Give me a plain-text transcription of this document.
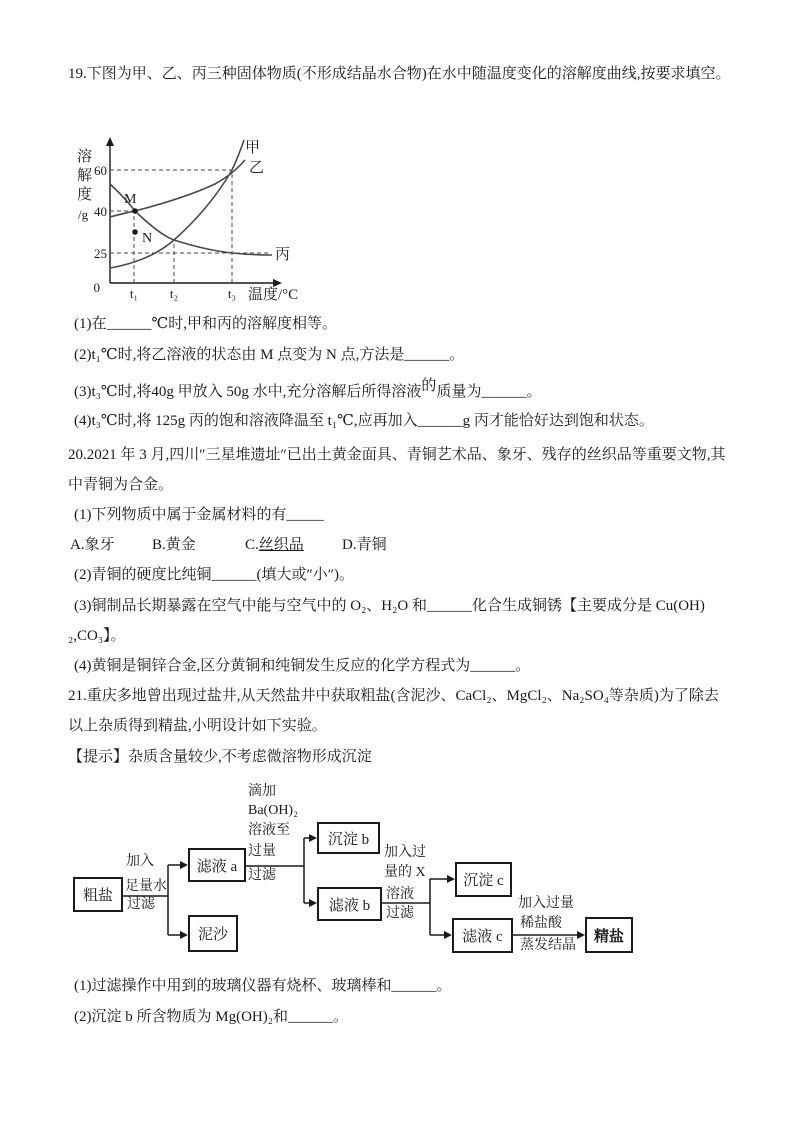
19.下图为甲、乙、丙三种固体物质(不形成结晶水合物)在水中随温度变化的溶解度曲线,按要求填空。
溶
解
度
/g
60
40
25
0 t₁ t₂	t₃ 温度/°C
甲
乙
丙
M
N
(1)在______℃时,甲和丙的溶解度相等。
(2)t₁℃时,将乙溶液的状态由 M 点变为 N 点,方法是______。
(3)t₃℃时,将40g 甲放入 50g 水中,充分溶解后所得溶液的质量为______。
(4)t₃℃时,将 125g 丙的饱和溶液降温至 t₁℃,应再加入______g 丙才能恰好达到饱和状态。
20.2021 年 3 月,四川″三星堆遗址″已出土黄金面具、青铜艺术品、象牙、残存的丝织品等重要文物,其
中青铜为合金。
(1)下列物质中属于金属材料的有_____
A.象牙 B.黄金	C.丝织品	D.青铜
(2)青铜的硬度比纯铜______(填大或″小″)。
(3)铜制品长期暴露在空气中能与空气中的 O₂、H₂O 和______化合生成铜锈【主要成分是 Cu(OH)
₂,CO₃】。
(4)黄铜是铜锌合金,区分黄铜和纯铜发生反应的化学方程式为______。
21.重庆多地曾出现过盐井,从天然盐井中获取粗盐(含泥沙、CaCl₂、MgCl₂、Na₂SO₄等杂质)为了除去
以上杂质得到精盐,小明设计如下实验。
【提示】杂质含量较少,不考虑微溶物形成沉淀
粗盐
滤液 a
泥沙
沉淀 b
滤液 b
沉淀 c
滤液 c	精盐
加入
足量水
过滤
滴加
Ba(OH)₂
溶液至
过量
过滤
加入过
量的 X
溶液
过滤
加入过量
稀盐酸
蒸发结晶
(1)过滤操作中用到的玻璃仪器有烧杯、玻璃棒和______。
(2)沉淀 b 所含物质为 Mg(OH)₂和______。
